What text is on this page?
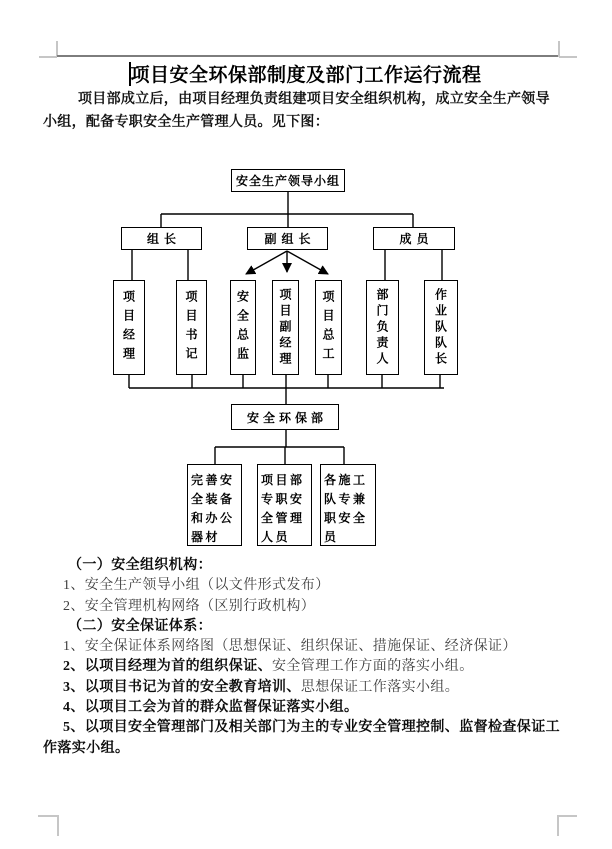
项目安全环保部制度及部门工作运行流程
项目部成立后，由项目经理负责组建项目安全组织机构，成立安全生产领导小组，配备专职安全生产管理人员。见下图：
安全生产领导小组
组长	副组长	成员
项目经理	项目书记	安全总监	项目副经理	项目总工	部门负责人	作业队队长
安全环保部
完善安全装备和办公器材
项目部专职安全管理人员
各施工队专兼职安全员
（一）安全组织机构：
1、安全生产领导小组（以文件形式发布）
2、安全管理机构网络（区别行政机构）
（二）安全保证体系：
1、安全保证体系网络图（思想保证、组织保证、措施保证、经济保证）
2、以项目经理为首的组织保证、安全管理工作方面的落实小组。
3、以项目书记为首的安全教育培训、思想保证工作落实小组。
4、以项目工会为首的群众监督保证落实小组。
5、以项目安全管理部门及相关部门为主的专业安全管理控制、监督检查保证工作落实小组。
